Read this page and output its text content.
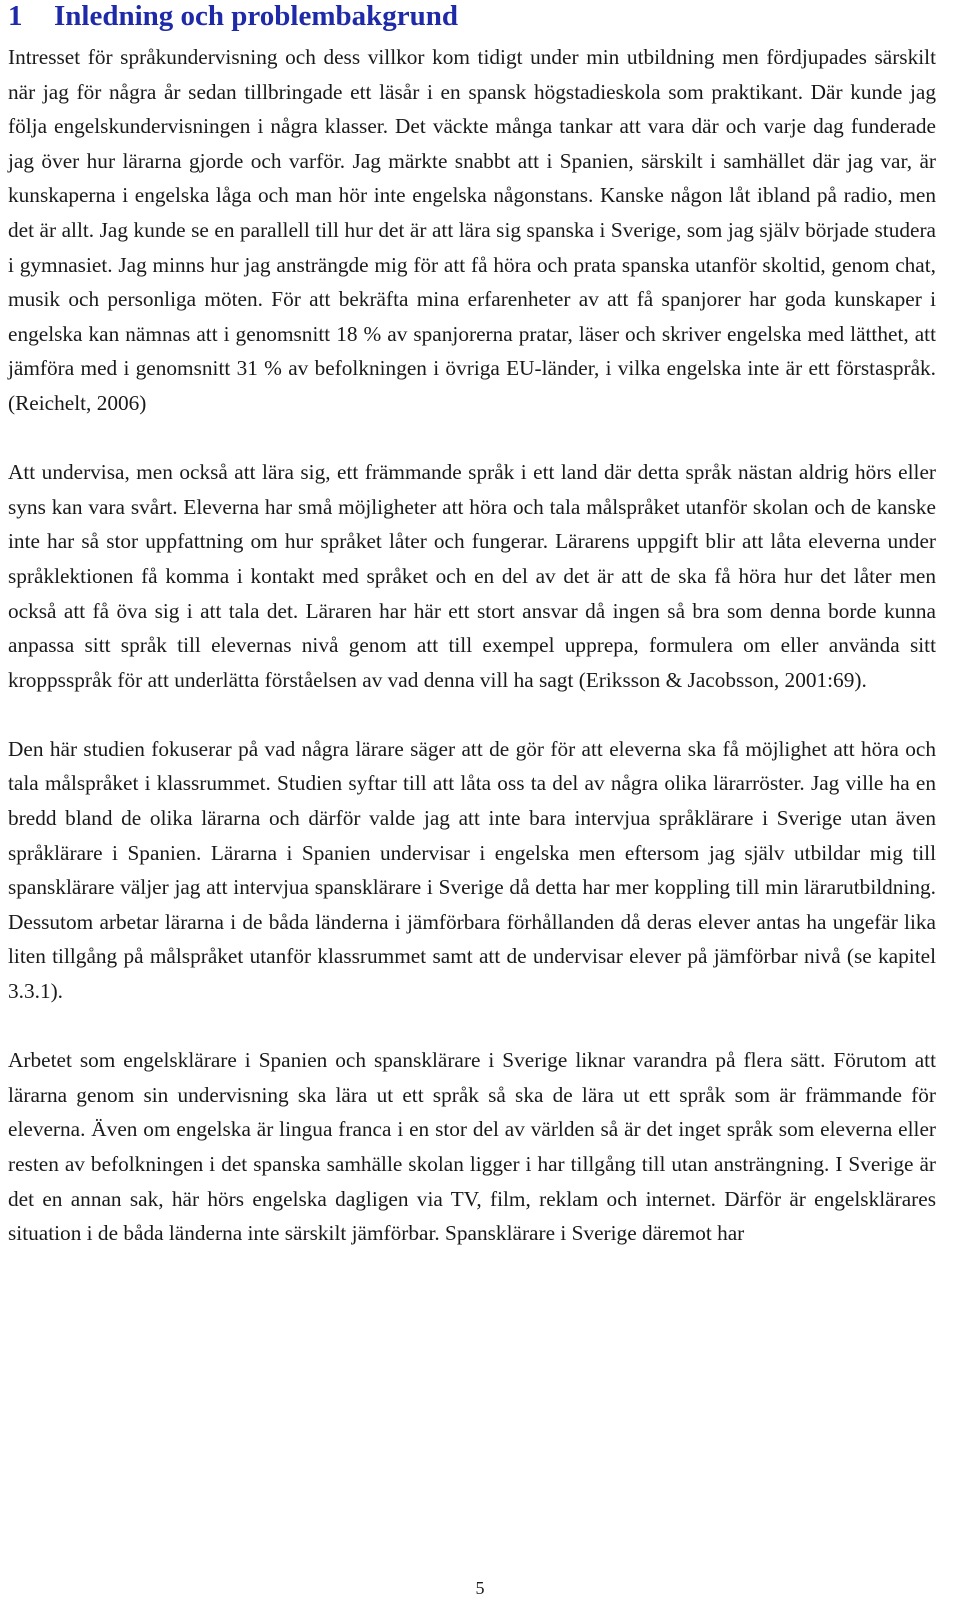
1 Inledning och problembakgrund

Intresset för språkundervisning och dess villkor kom tidigt under min utbildning men fördjupades särskilt när jag för några år sedan tillbringade ett läsår i en spansk högstadieskola som praktikant. Där kunde jag följa engelskundervisningen i några klasser. Det väckte många tankar att vara där och varje dag funderade jag över hur lärarna gjorde och varför. Jag märkte snabbt att i Spanien, särskilt i samhället där jag var, är kunskaperna i engelska låga och man hör inte engelska någonstans. Kanske någon låt ibland på radio, men det är allt. Jag kunde se en parallell till hur det är att lära sig spanska i Sverige, som jag själv började studera i gymnasiet. Jag minns hur jag ansträngde mig för att få höra och prata spanska utanför skoltid, genom chat, musik och personliga möten. För att bekräfta mina erfarenheter av att få spanjorer har goda kunskaper i engelska kan nämnas att i genomsnitt 18 % av spanjorerna pratar, läser och skriver engelska med lätthet, att jämföra med i genomsnitt 31 % av befolkningen i övriga EU-länder, i vilka engelska inte är ett förstaspråk. (Reichelt, 2006)

Att undervisa, men också att lära sig, ett främmande språk i ett land där detta språk nästan aldrig hörs eller syns kan vara svårt. Eleverna har små möjligheter att höra och tala målspråket utanför skolan och de kanske inte har så stor uppfattning om hur språket låter och fungerar. Lärarens uppgift blir att låta eleverna under språklektionen få komma i kontakt med språket och en del av det är att de ska få höra hur det låter men också att få öva sig i att tala det. Läraren har här ett stort ansvar då ingen så bra som denna borde kunna anpassa sitt språk till elevernas nivå genom att till exempel upprepa, formulera om eller använda sitt kroppsspråk för att underlätta förståelsen av vad denna vill ha sagt (Eriksson & Jacobsson, 2001:69).

Den här studien fokuserar på vad några lärare säger att de gör för att eleverna ska få möjlighet att höra och tala målspråket i klassrummet. Studien syftar till att låta oss ta del av några olika lärarröster. Jag ville ha en bredd bland de olika lärarna och därför valde jag att inte bara intervjua språklärare i Sverige utan även språklärare i Spanien. Lärarna i Spanien undervisar i engelska men eftersom jag själv utbildar mig till spansklärare väljer jag att intervjua spansklärare i Sverige då detta har mer koppling till min lärarutbildning. Dessutom arbetar lärarna i de båda länderna i jämförbara förhållanden då deras elever antas ha ungefär lika liten tillgång på målspråket utanför klassrummet samt att de undervisar elever på jämförbar nivå (se kapitel 3.3.1).

Arbetet som engelsklärare i Spanien och spansklärare i Sverige liknar varandra på flera sätt. Förutom att lärarna genom sin undervisning ska lära ut ett språk så ska de lära ut ett språk som är främmande för eleverna. Även om engelska är lingua franca i en stor del av världen så är det inget språk som eleverna eller resten av befolkningen i det spanska samhälle skolan ligger i har tillgång till utan ansträngning. I Sverige är det en annan sak, här hörs engelska dagligen via TV, film, reklam och internet. Därför är engelsklärares situation i de båda länderna inte särskilt jämförbar. Spansklärare i Sverige däremot har

5
